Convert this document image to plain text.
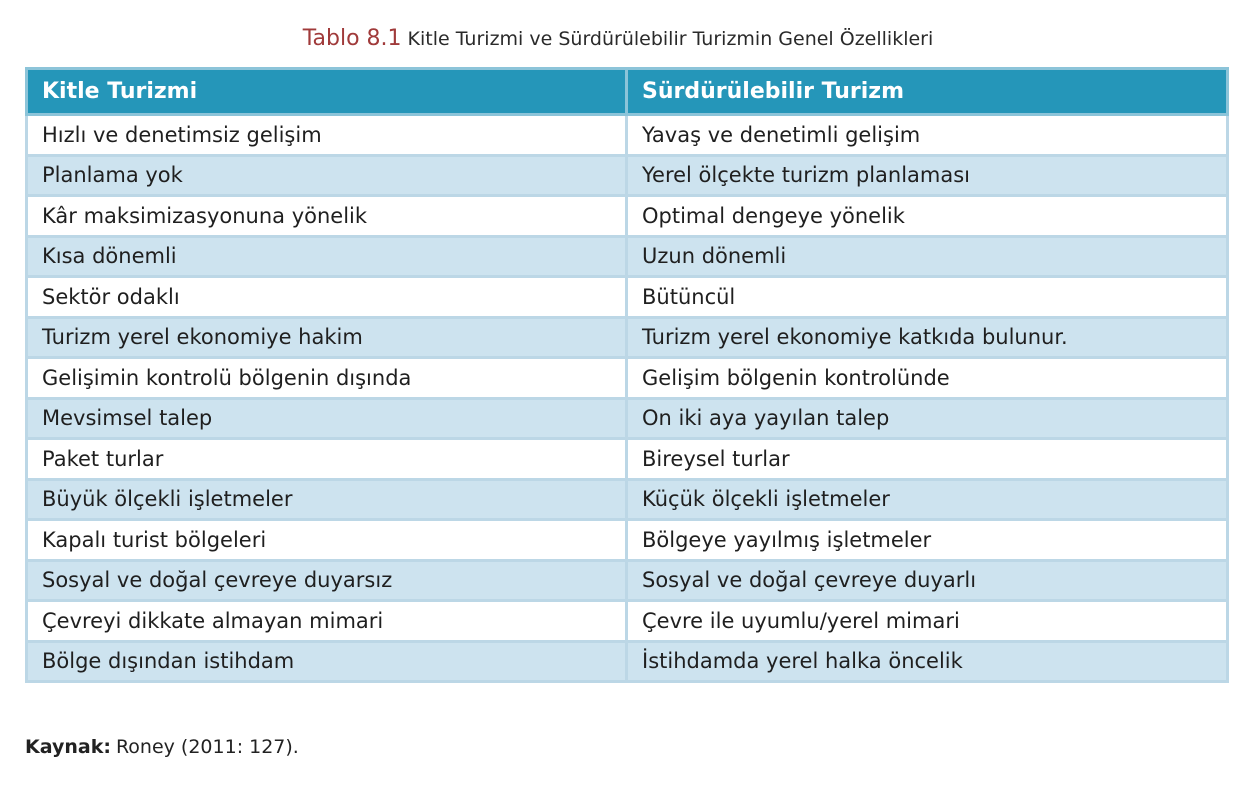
Tablo 8.1 Kitle Turizmi ve Sürdürülebilir Turizmin Genel Özellikleri
Kitle Turizmi	Sürdürülebilir Turizm
Hızlı ve denetimsiz gelişim	Yavaş ve denetimli gelişim
Planlama yok	Yerel ölçekte turizm planlaması
Kâr maksimizasyonuna yönelik	Optimal dengeye yönelik
Kısa dönemli	Uzun dönemli
Sektör odaklı	Bütüncül
Turizm yerel ekonomiye hakim	Turizm yerel ekonomiye katkıda bulunur.
Gelişimin kontrolü bölgenin dışında	Gelişim bölgenin kontrolünde
Mevsimsel talep	On iki aya yayılan talep
Paket turlar	Bireysel turlar
Büyük ölçekli işletmeler	Küçük ölçekli işletmeler
Kapalı turist bölgeleri	Bölgeye yayılmış işletmeler
Sosyal ve doğal çevreye duyarsız	Sosyal ve doğal çevreye duyarlı
Çevreyi dikkate almayan mimari	Çevre ile uyumlu/yerel mimari
Bölge dışından istihdam	İstihdamda yerel halka öncelik
Kaynak: Roney (2011: 127).
